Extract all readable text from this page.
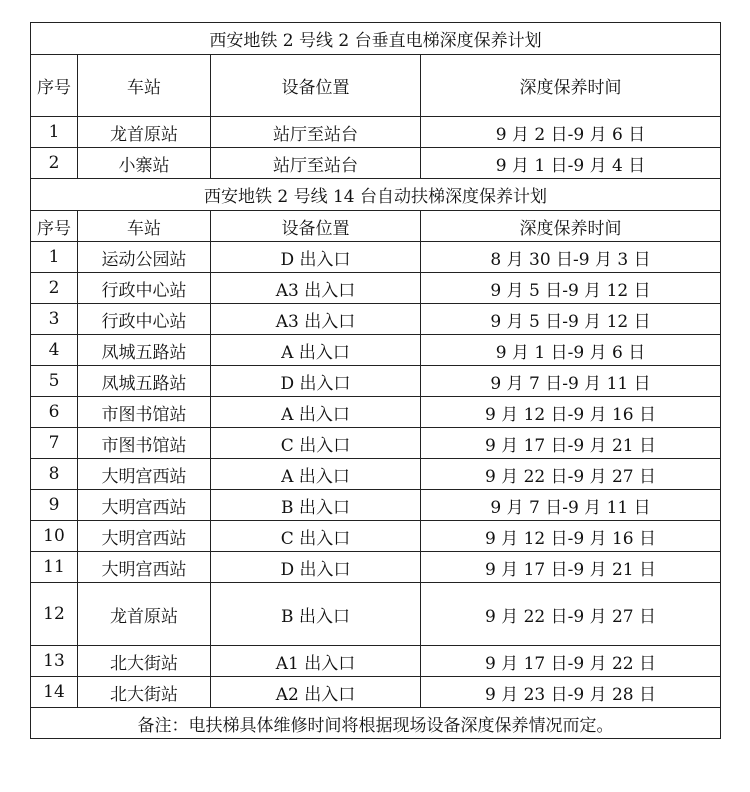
西安地铁 2 号线 2 台垂直电梯深度保养计划			
序号	车站	设备位置	深度保养时间
1	龙首原站	站厅至站台	9 月 2 日-9 月 6 日
2	小寨站	站厅至站台	9 月 1 日-9 月 4 日
西安地铁 2 号线 14 台自动扶梯深度保养计划			
序号	车站	设备位置	深度保养时间
1	运动公园站	D 出入口	8 月 30 日-9 月 3 日
2	行政中心站	A3 出入口	9 月 5 日-9 月 12 日
3	行政中心站	A3 出入口	9 月 5 日-9 月 12 日
4	凤城五路站	A 出入口	9 月 1 日-9 月 6 日
5	凤城五路站	D 出入口	9 月 7 日-9 月 11 日
6	市图书馆站	A 出入口	9 月 12 日-9 月 16 日
7	市图书馆站	C 出入口	9 月 17 日-9 月 21 日
8	大明宫西站	A 出入口	9 月 22 日-9 月 27 日
9	大明宫西站	B 出入口	9 月 7 日-9 月 11 日
10	大明宫西站	C 出入口	9 月 12 日-9 月 16 日
11	大明宫西站	D 出入口	9 月 17 日-9 月 21 日
12	龙首原站	B 出入口	9 月 22 日-9 月 27 日
13	北大街站	A1 出入口	9 月 17 日-9 月 22 日
14	北大街站	A2 出入口	9 月 23 日-9 月 28 日
备注：电扶梯具体维修时间将根据现场设备深度保养情况而定。			
